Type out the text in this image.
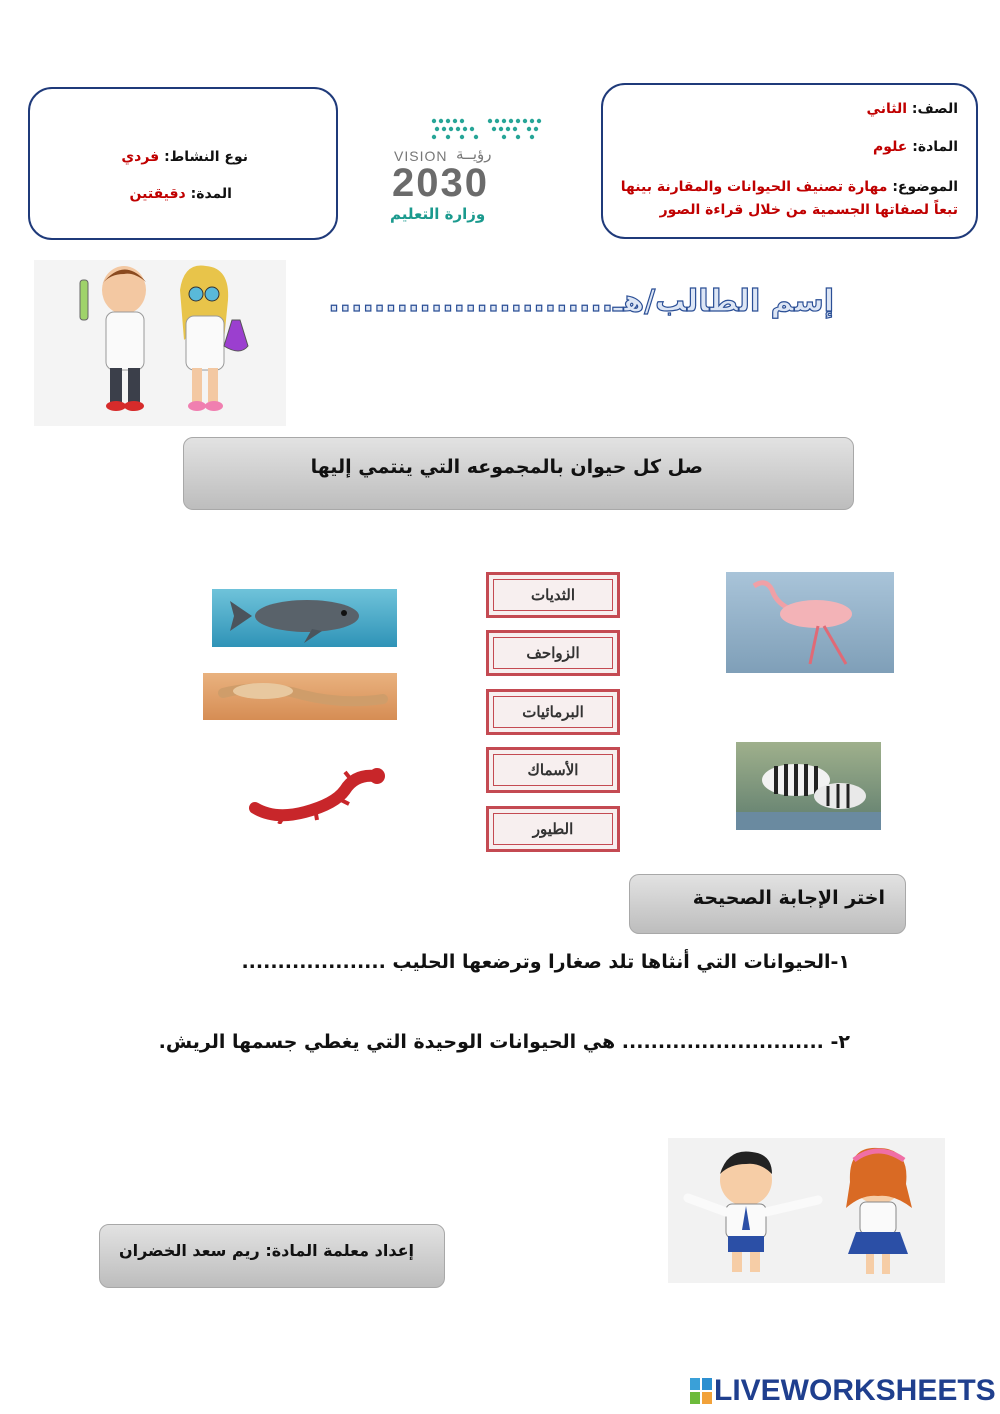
الصف: الثاني
المادة: علوم
الموضوع: مهارة تصنيف الحيوانات والمقارنة بينها
تبعاً لصفاتها الجسمية من خلال قراءة الصور
نوع النشاط: فردي
المدة: دقيقتين
VISION رؤيــة
2030
وزارة التعليم
إسم الطالب/هـ.........................
صل كل حيوان بالمجموعه التي ينتمي إليها
الثديات
الزواحف
البرمائيات
الأسماك
الطيور
اختر الإجابة الصحيحة
١-الحيوانات التي أنثاها تلد صغارا وترضعها الحليب ....................
٢- ............................ هي الحيوانات الوحيدة التي يغطي جسمها الريش.
إعداد معلمة المادة: ريم سعد الخضران
LIVEWORKSHEETS
